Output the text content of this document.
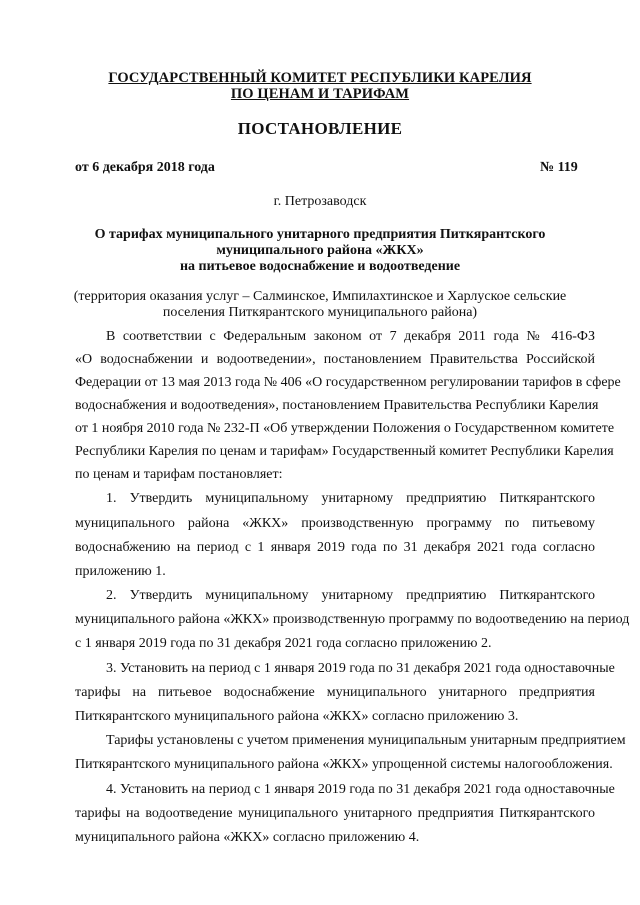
ГОСУДАРСТВЕННЫЙ КОМИТЕТ РЕСПУБЛИКИ КАРЕЛИЯ
ПО ЦЕНАМ И ТАРИФАМ
ПОСТАНОВЛЕНИЕ
от 6 декабря 2018 года	№ 119
г. Петрозаводск
О тарифах муниципального унитарного предприятия Питкярантского
муниципального района «ЖКХ»
на питьевое водоснабжение и водоотведение
(территория оказания услуг – Салминское, Импилахтинское и Харлуское сельские
поселения Питкярантского муниципального района)
В соответствии с Федеральным законом от 7 декабря 2011 года № 416-ФЗ
«О водоснабжении и водоотведении», постановлением Правительства Российской
Федерации от 13 мая 2013 года № 406 «О государственном регулировании тарифов в сфере
водоснабжения и водоотведения», постановлением Правительства Республики Карелия
от 1 ноября 2010 года № 232-П «Об утверждении Положения о Государственном комитете
Республики Карелия по ценам и тарифам» Государственный комитет Республики Карелия
по ценам и тарифам постановляет:
1. Утвердить муниципальному унитарному предприятию Питкярантского
муниципального района «ЖКХ» производственную программу по питьевому
водоснабжению на период с 1 января 2019 года по 31 декабря 2021 года согласно
приложению 1.
2. Утвердить муниципальному унитарному предприятию Питкярантского
муниципального района «ЖКХ» производственную программу по водоотведению на период
с 1 января 2019 года по 31 декабря 2021 года согласно приложению 2.
3. Установить на период с 1 января 2019 года по 31 декабря 2021 года одноставочные
тарифы на питьевое водоснабжение муниципального унитарного предприятия
Питкярантского муниципального района «ЖКХ» согласно приложению 3.
Тарифы установлены с учетом применения муниципальным унитарным предприятием
Питкярантского муниципального района «ЖКХ» упрощенной системы налогообложения.
4. Установить на период с 1 января 2019 года по 31 декабря 2021 года одноставочные
тарифы на водоотведение муниципального унитарного предприятия Питкярантского
муниципального района «ЖКХ» согласно приложению 4.
